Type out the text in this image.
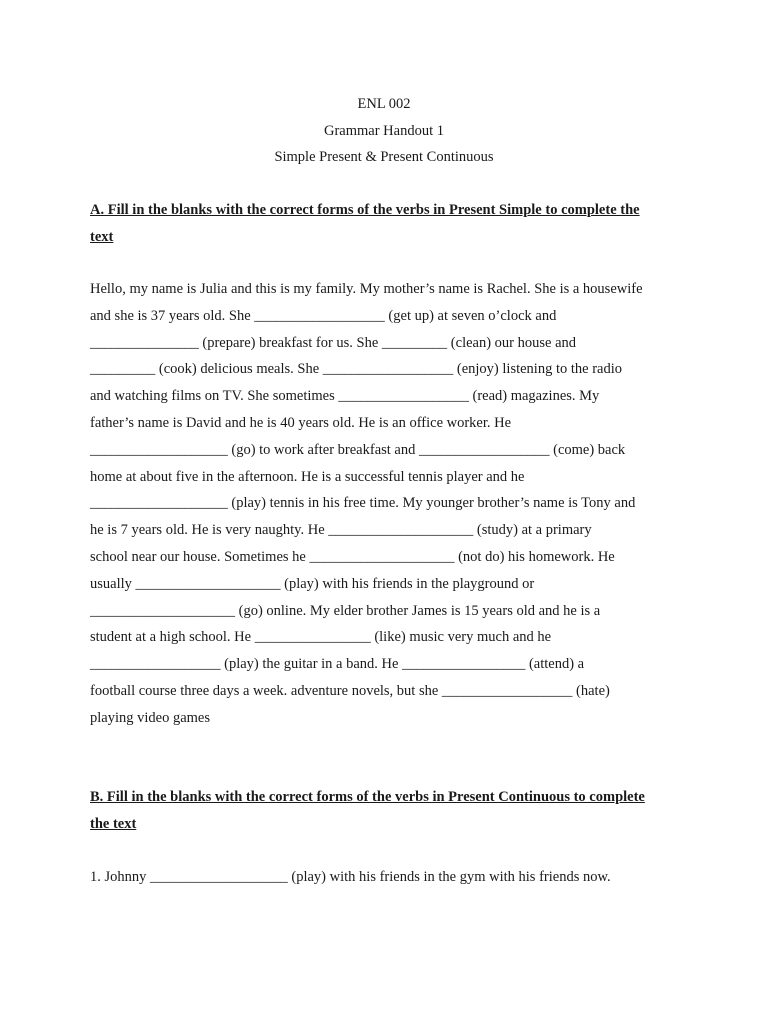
ENL 002
Grammar Handout 1
Simple Present & Present Continuous
A. Fill in the blanks with the correct forms of the verbs in Present Simple to complete the
text
Hello, my name is Julia and this is my family. My mother’s name is Rachel. She is a housewife
and she is 37 years old. She __________________ (get up) at seven o’clock and
_______________ (prepare) breakfast for us. She _________ (clean) our house and
_________ (cook) delicious meals. She __________________ (enjoy) listening to the radio
and watching films on TV. She sometimes __________________ (read) magazines. My
father’s name is David and he is 40 years old. He is an office worker. He
___________________ (go) to work after breakfast and __________________ (come) back
home at about five in the afternoon. He is a successful tennis player and he
___________________ (play) tennis in his free time. My younger brother’s name is Tony and
he is 7 years old. He is very naughty. He ____________________ (study) at a primary
school near our house. Sometimes he ____________________ (not do) his homework. He
usually ____________________ (play) with his friends in the playground or
____________________ (go) online. My elder brother James is 15 years old and he is a
student at a high school. He ________________ (like) music very much and he
__________________ (play) the guitar in a band. He _________________ (attend) a
football course three days a week. adventure novels, but she __________________ (hate)
playing video games
B. Fill in the blanks with the correct forms of the verbs in Present Continuous to complete
the text
1. Johnny ___________________ (play) with his friends in the gym with his friends now.
